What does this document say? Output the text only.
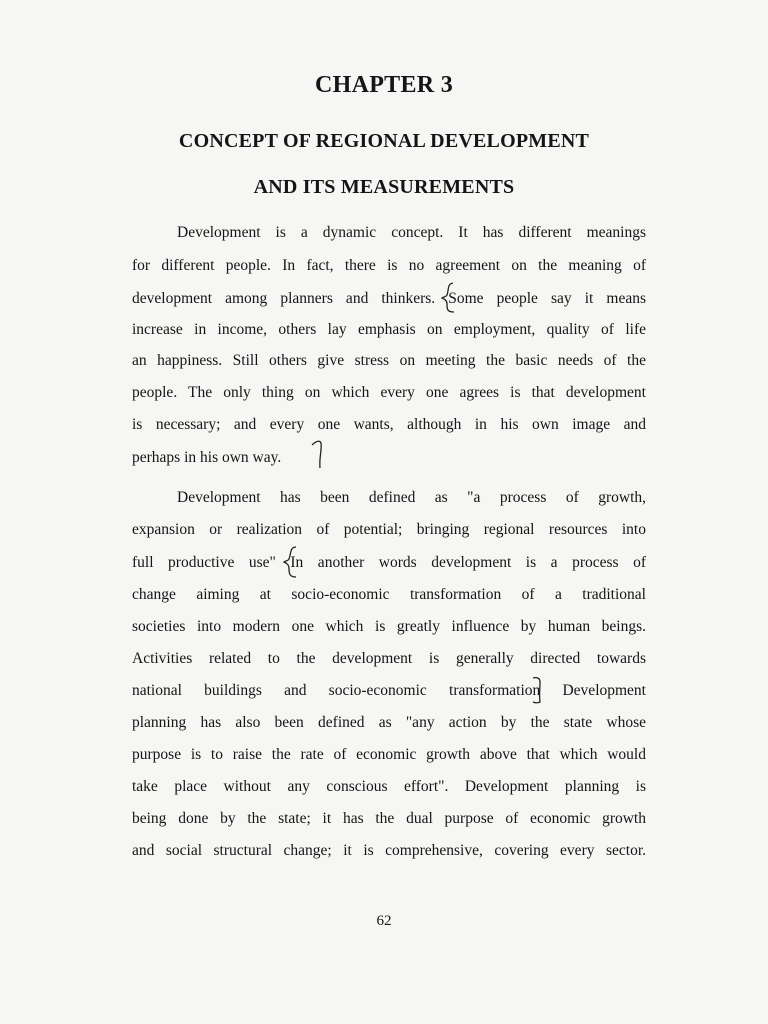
CHAPTER 3
CONCEPT OF REGIONAL DEVELOPMENT
AND ITS MEASUREMENTS
Development is a dynamic concept. It has different meanings
for different people. In fact, there is no agreement on the meaning of
development among planners and thinkers. Some people say it means
increase in income, others lay emphasis on employment, quality of life
an happiness. Still others give stress on meeting the basic needs of the
people. The only thing on which every one agrees is that development
is necessary; and every one wants, although in his own image and
perhaps in his own way.
Development has been defined as "a process of growth,
expansion or realization of potential; bringing regional resources into
full productive use" In another words development is a process of
change aiming at socio-economic transformation of a traditional
societies into modern one which is greatly influence by human beings.
Activities related to the development is generally directed towards
national buildings and socio-economic transformation Development
planning has also been defined as "any action by the state whose
purpose is to raise the rate of economic growth above that which would
take place without any conscious effort". Development planning is
being done by the state; it has the dual purpose of economic growth
and social structural change; it is comprehensive, covering every sector.
62
